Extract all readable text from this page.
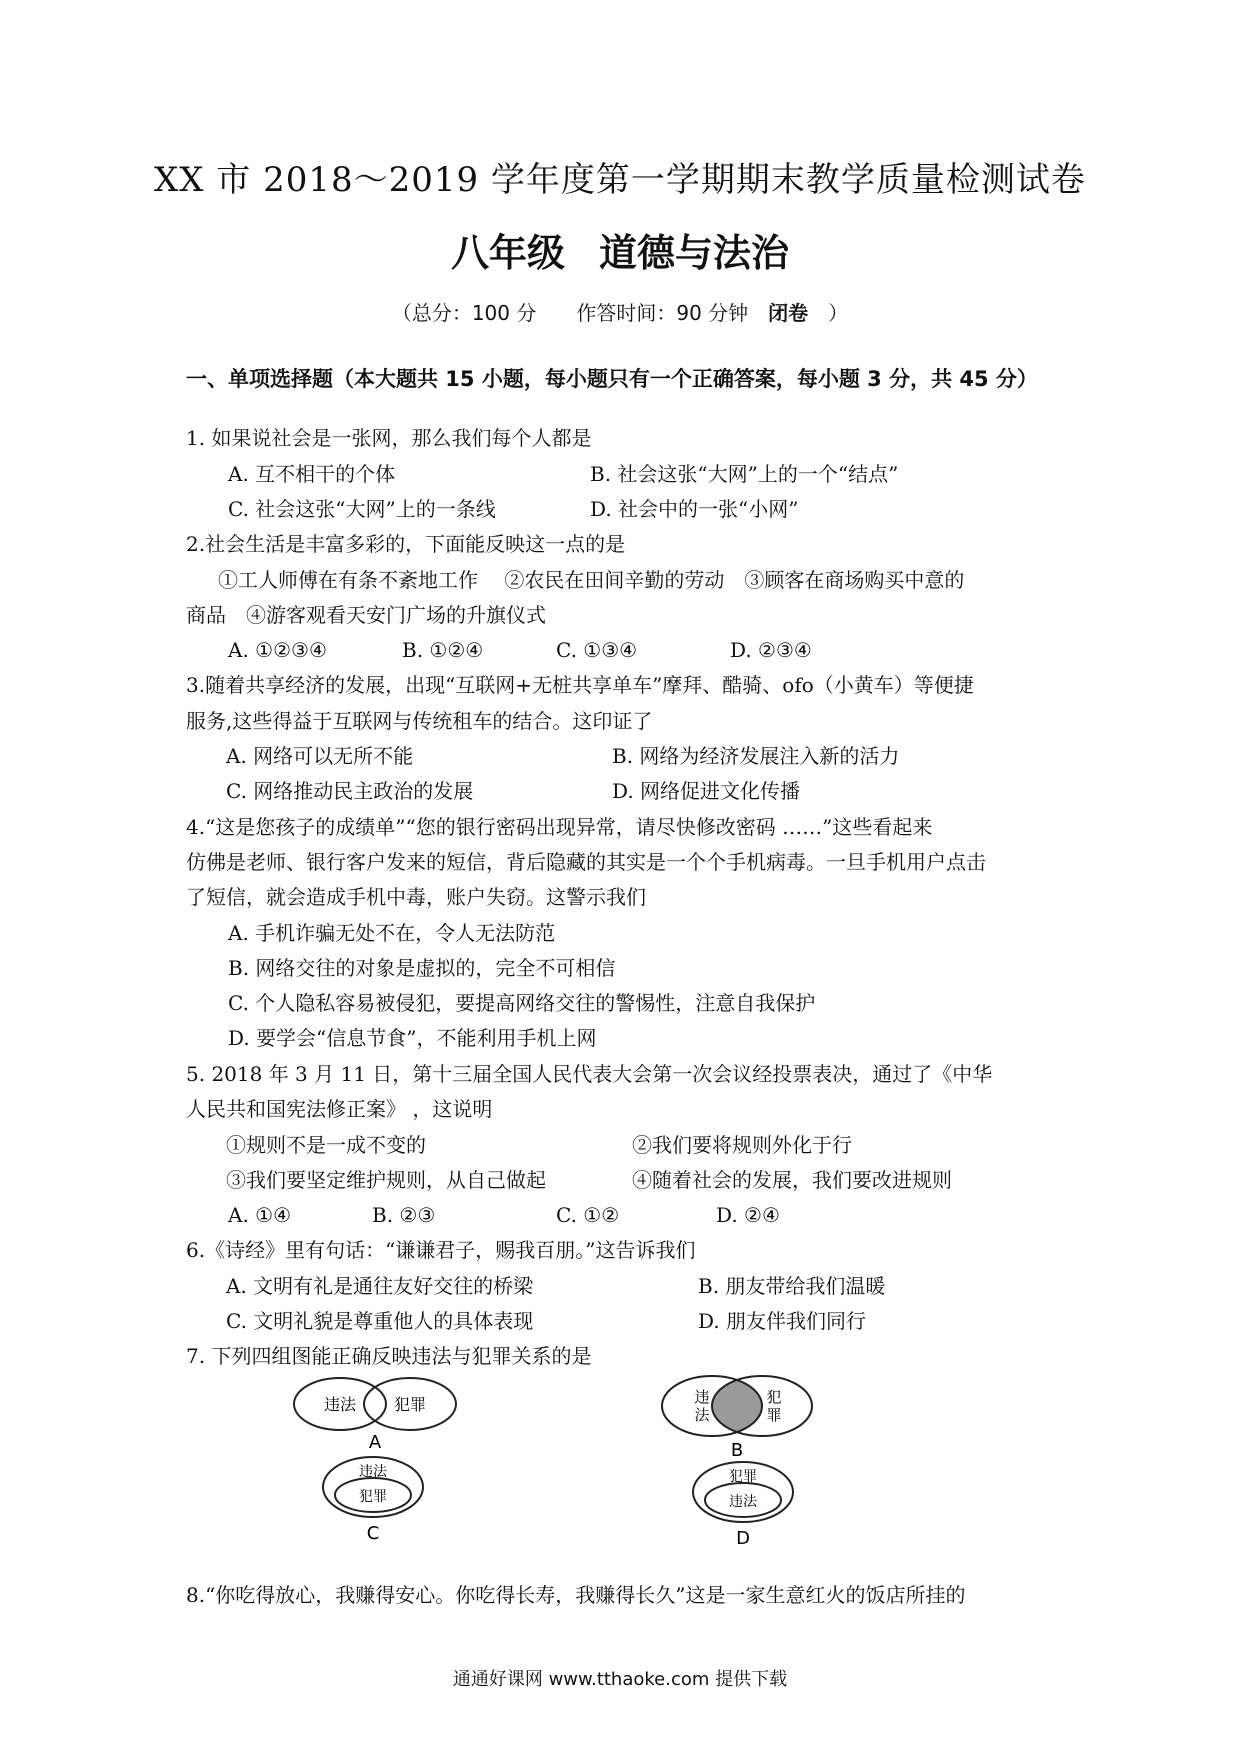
XX 市 2018～2019 学年度第一学期期末教学质量检测试卷
八年级 道德与法治
（总分：100 分　　作答时间：90 分钟　闭卷　）
一、单项选择题（本大题共 15 小题，每小题只有一个正确答案，每小题 3 分，共 45 分）
1. 如果说社会是一张网，那么我们每个人都是
A. 互不相干的个体	B. 社会这张“大网”上的一个“结点”
C. 社会这张“大网”上的一条线	D. 社会中的一张“小网”
2.社会生活是丰富多彩的，下面能反映这一点的是
①工人师傅在有条不紊地工作　 ②农民在田间辛勤的劳动　③顾客在商场购买中意的
商品　④游客观看天安门广场的升旗仪式
A. ①②③④	B. ①②④	C. ①③④	D. ②③④
3.随着共享经济的发展，出现“互联网+无桩共享单车”摩拜、酷骑、ofo（小黄车）等便捷
服务,这些得益于互联网与传统租车的结合。这印证了
A. 网络可以无所不能	B. 网络为经济发展注入新的活力
C. 网络推动民主政治的发展	D. 网络促进文化传播
4.“这是您孩子的成绩单”“您的银行密码出现异常，请尽快修改密码 ……”这些看起来
仿佛是老师、银行客户发来的短信，背后隐藏的其实是一个个手机病毒。一旦手机用户点击
了短信，就会造成手机中毒，账户失窃。这警示我们
A. 手机诈骗无处不在，令人无法防范
B. 网络交往的对象是虚拟的，完全不可相信
C. 个人隐私容易被侵犯，要提高网络交往的警惕性，注意自我保护
D. 要学会“信息节食”，不能利用手机上网
5. 2018 年 3 月 11 日，第十三届全国人民代表大会第一次会议经投票表决，通过了《中华
人民共和国宪法修正案》 ，这说明
①规则不是一成不变的	②我们要将规则外化于行
③我们要坚定维护规则，从自己做起	④随着社会的发展，我们要改进规则
A. ①④	B. ②③	C. ①②	D. ②④
6.《诗经》里有句话：“谦谦君子，赐我百朋。”这告诉我们
A. 文明有礼是通往友好交往的桥梁	B. 朋友带给我们温暖
C. 文明礼貌是尊重他人的具体表现	D. 朋友伴我们同行
7. 下列四组图能正确反映违法与犯罪关系的是
违法 犯罪
A
违
法
犯
罪
B
违法
犯罪
C
犯罪
违法
D
8.“你吃得放心，我赚得安心。你吃得长寿，我赚得长久”这是一家生意红火的饭店所挂的
通通好课网 www.tthaoke.com 提供下载
